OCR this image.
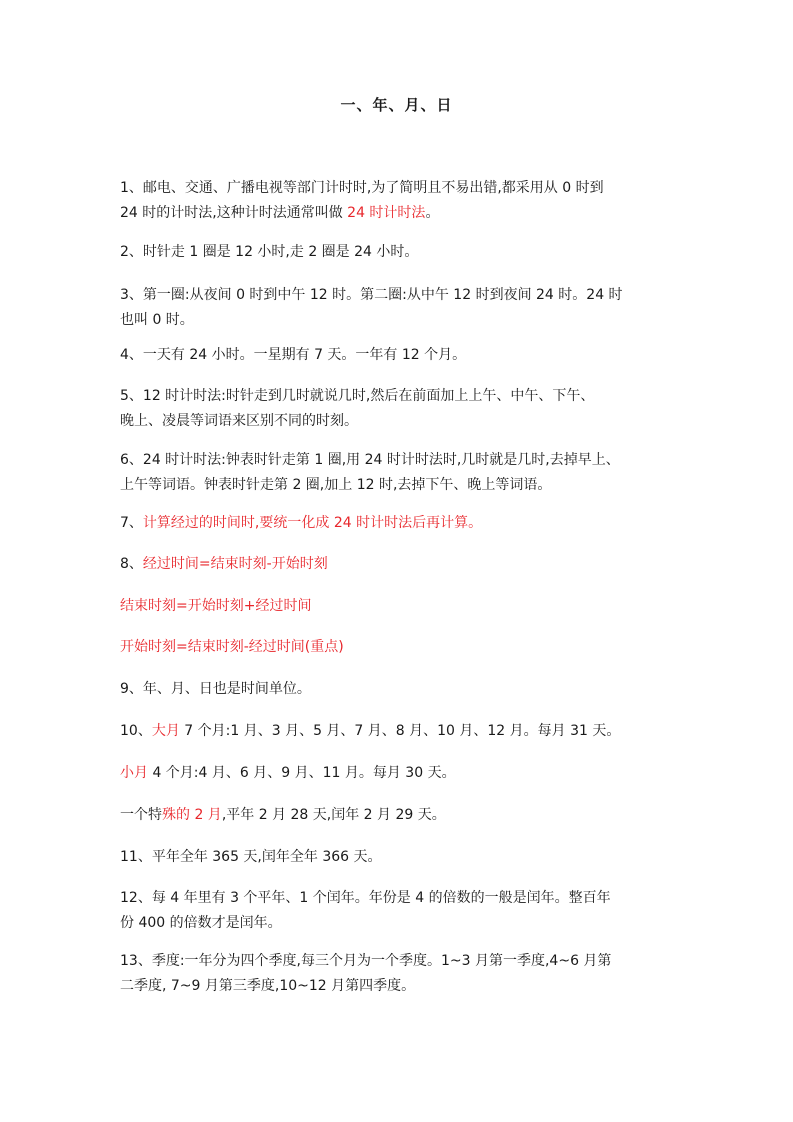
一、年、月、日
1、邮电、交通、广播电视等部门计时时,为了简明且不易出错,都采用从 0 时到
24 时的计时法,这种计时法通常叫做 24 时计时法。
2、时针走 1 圈是 12 小时,走 2 圈是 24 小时。
3、第一圈:从夜间 0 时到中午 12 时。第二圈:从中午 12 时到夜间 24 时。24 时
也叫 0 时。
4、一天有 24 小时。一星期有 7 天。一年有 12 个月。
5、12 时计时法:时针走到几时就说几时,然后在前面加上上午、中午、下午、
晚上、凌晨等词语来区别不同的时刻。
6、24 时计时法:钟表时针走第 1 圈,用 24 时计时法时,几时就是几时,去掉早上、
上午等词语。钟表时针走第 2 圈,加上 12 时,去掉下午、晚上等词语。
7、计算经过的时间时,要统一化成 24 时计时法后再计算。
8、经过时间=结束时刻-开始时刻
结束时刻=开始时刻+经过时间
开始时刻=结束时刻-经过时间(重点)
9、年、月、日也是时间单位。
10、大月 7 个月:1 月、3 月、5 月、7 月、8 月、10 月、12 月。每月 31 天。
小月 4 个月:4 月、6 月、9 月、11 月。每月 30 天。
一个特殊的 2 月,平年 2 月 28 天,闰年 2 月 29 天。
11、平年全年 365 天,闰年全年 366 天。
12、每 4 年里有 3 个平年、1 个闰年。年份是 4 的倍数的一般是闰年。整百年
份 400 的倍数才是闰年。
13、季度:一年分为四个季度,每三个月为一个季度。1~3 月第一季度,4~6 月第
二季度, 7~9 月第三季度,10~12 月第四季度。
